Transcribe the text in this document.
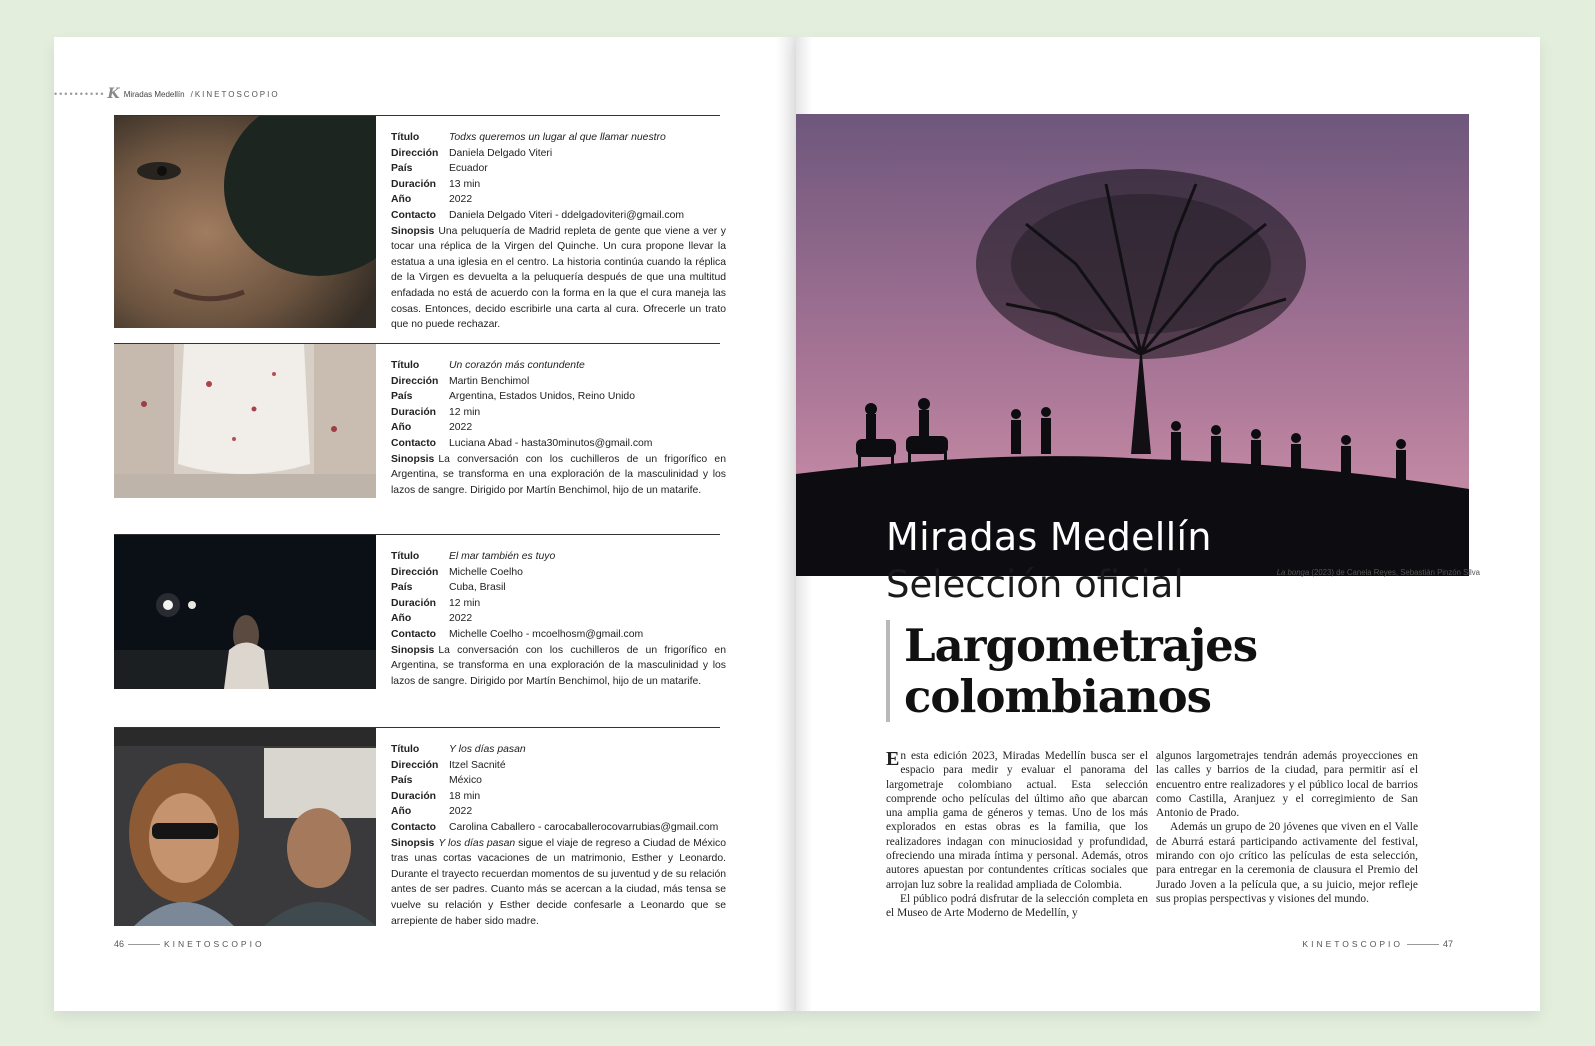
•••••••••• K Miradas Medellín /KINETOSCOPIO
Título	Todxs queremos un lugar al que llamar nuestro
Dirección Daniela Delgado Viteri
País	Ecuador
Duración 13 min
Año	2022
Contacto Daniela Delgado Viteri - ddelgadoviteri@gmail.com
Sinopsis Una peluquería de Madrid repleta de gente que viene a ver y tocar una réplica de la Virgen del Quinche. Un cura propone llevar la estatua a una iglesia en el centro. La historia continúa cuando la réplica de la Virgen es devuelta a la peluquería después de que una multitud enfadada no está de acuerdo con la forma en la que el cura maneja las cosas. Entonces, decido escribirle una carta al cura. Ofrecerle un trato que no puede rechazar.
Título	Un corazón más contundente
Dirección Martin Benchimol
País	Argentina, Estados Unidos, Reino Unido
Duración 12 min
Año	2022
Contacto Luciana Abad - hasta30minutos@gmail.com
Sinopsis La conversación con los cuchilleros de un frigorífico en Argentina, se transforma en una exploración de la masculinidad y los lazos de sangre. Dirigido por Martín Benchimol, hijo de un matarife.
Título	El mar también es tuyo
Dirección Michelle Coelho
País	Cuba, Brasil
Duración 12 min
Año	2022
Contacto Michelle Coelho - mcoelhosm@gmail.com
Sinopsis La conversación con los cuchilleros de un frigorífico en Argentina, se transforma en una exploración de la masculinidad y los lazos de sangre. Dirigido por Martín Benchimol, hijo de un matarife.
Título	Y los días pasan
Dirección Itzel Sacnité
País	México
Duración 18 min
Año	2022
Contacto Carolina Caballero - carocaballerocovarrubias@gmail.com
Sinopsis Y los días pasan sigue el viaje de regreso a Ciudad de México tras unas cortas vacaciones de un matrimonio, Esther y Leonardo. Durante el trayecto recuerdan momentos de su juventud y de su relación antes de ser padres. Cuanto más se acercan a la ciudad, más tensa se vuelve su relación y Esther decide confesarle a Leonardo que se arrepiente de haber sido madre.
46	KINETOSCOPIO
Miradas Medellín
La bonga (2023) de Canela Reyes, Sebastián Pinzón Silva
Selección oficial
Largometrajes
colombianos

En esta edición 2023, Miradas Medellín busca ser el espacio para medir y evaluar el panorama del largometraje colombiano actual. Esta selección comprende ocho películas del último año que abarcan una amplia gama de géneros y temas. Uno de los más explorados en estas obras es la familia, que los realizadores indagan con minuciosidad y profundidad, ofreciendo una mirada íntima y personal. Además, otros autores apuestan por contundentes críticas sociales que arrojan luz sobre la realidad ampliada de Colombia.

El público podrá disfrutar de la selección completa en el Museo de Arte Moderno de Medellín, y

algunos largometrajes tendrán además proyecciones en las calles y barrios de la ciudad, para permitir así el encuentro entre realizadores y el público local de barrios como Castilla, Aranjuez y el corregimiento de San Antonio de Prado.

Además un grupo de 20 jóvenes que viven en el Valle de Aburrá estará participando activamente del festival, mirando con ojo crítico las películas de esta selección, para entregar en la ceremonia de clausura el Premio del Jurado Joven a la película que, a su juicio, mejor refleje sus propias perspectivas y visiones del mundo.

KINETOSCOPIO	47
